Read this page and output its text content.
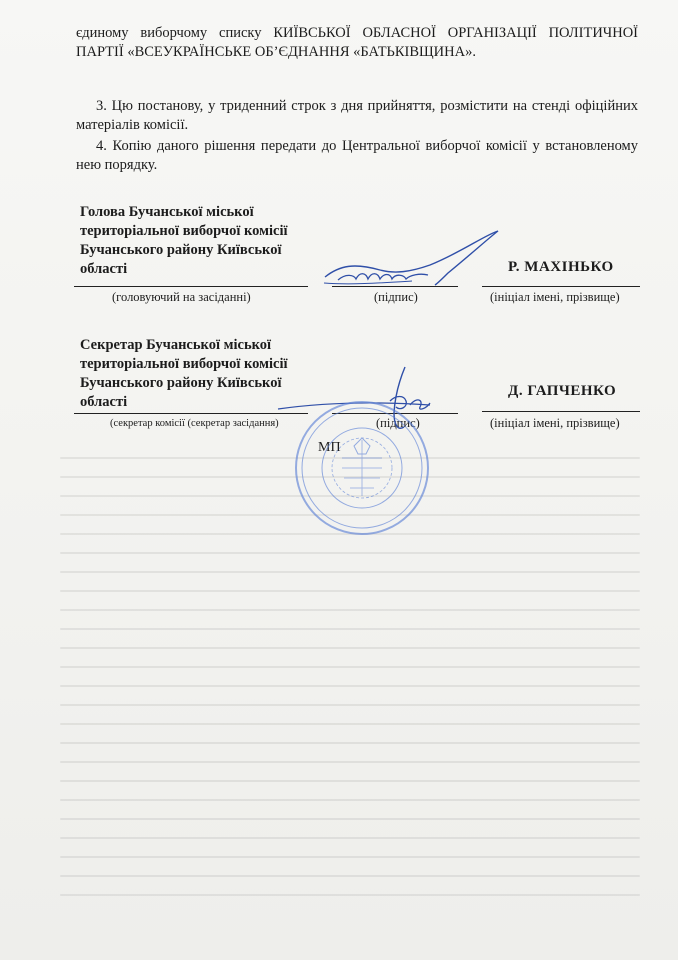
єдиному виборчому списку КИЇВСЬКОЇ ОБЛАСНОЇ ОРГАНІЗАЦІЇ ПОЛІТИЧНОЇ ПАРТІЇ «ВСЕУКРАЇНСЬКЕ ОБ’ЄДНАННЯ «БАТЬКІВЩИНА».

3. Цю постанову, у триденний строк з дня прийняття, розмістити на стенді офіційних матеріалів комісії.

4. Копію даного рішення передати до Центральної виборчої комісії у встановленому нею порядку.

Голова Бучанської міської територіальної виборчої комісії Бучанського району Київської області
(головуючий на засіданні)	(підпис)
Р. МАХІНЬКО
(ініціал імені, прізвище)
Секретар Бучанської міської територіальної виборчої комісії Бучанського району Київської області
(секретар комісії (секретар засідання)	(підпис)
Д. ГАПЧЕНКО
(ініціал імені, прізвище)
МП
